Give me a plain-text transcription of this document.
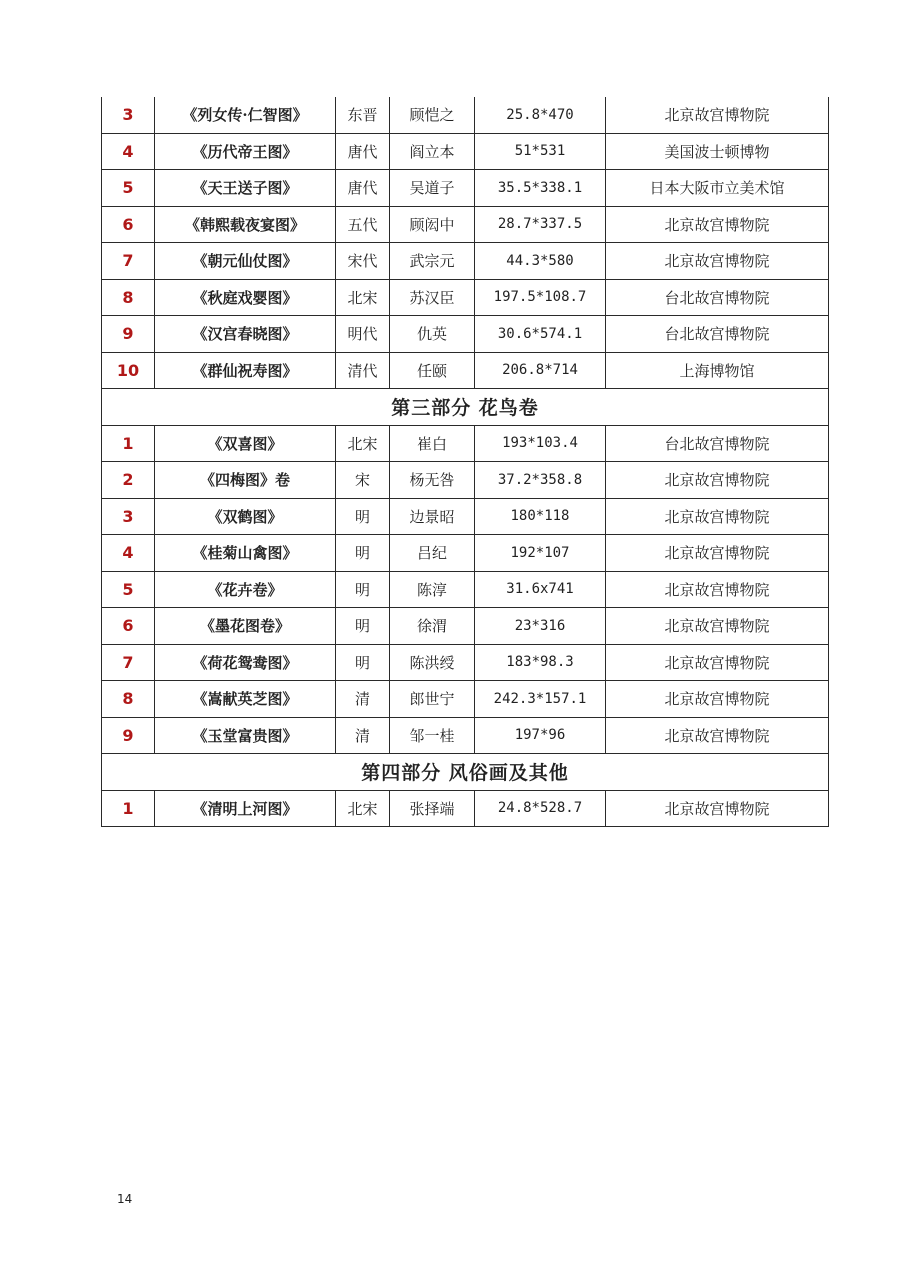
3	《列女传·仁智图》	东晋	顾恺之	25.8*470	北京故宫博物院
4	《历代帝王图》	唐代	阎立本	51*531	美国波士顿博物
5	《天王送子图》	唐代	吴道子	35.5*338.1	日本大阪市立美术馆
6	《韩熙载夜宴图》	五代	顾闳中	28.7*337.5	北京故宫博物院
7	《朝元仙仗图》	宋代	武宗元	44.3*580	北京故宫博物院
8	《秋庭戏婴图》	北宋	苏汉臣	197.5*108.7	台北故宫博物院
9	《汉宫春晓图》	明代	仇英	30.6*574.1	台北故宫博物院
10	《群仙祝寿图》	清代	任颐	206.8*714	上海博物馆
第三部分 花鸟卷					
1	《双喜图》	北宋	崔白	193*103.4	台北故宫博物院
2	《四梅图》卷	宋	杨无咎	37.2*358.8	北京故宫博物院
3	《双鹤图》	明	边景昭	180*118	北京故宫博物院
4	《桂菊山禽图》	明	吕纪	192*107	北京故宫博物院
5	《花卉卷》	明	陈淳	31.6x741	北京故宫博物院
6	《墨花图卷》	明	徐渭	23*316	北京故宫博物院
7	《荷花鸳鸯图》	明	陈洪绶	183*98.3	北京故宫博物院
8	《嵩献英芝图》	清	郎世宁	242.3*157.1	北京故宫博物院
9	《玉堂富贵图》	清	邹一桂	197*96	北京故宫博物院
第四部分 风俗画及其他					
1	《清明上河图》	北宋	张择端	24.8*528.7	北京故宫博物院
14
